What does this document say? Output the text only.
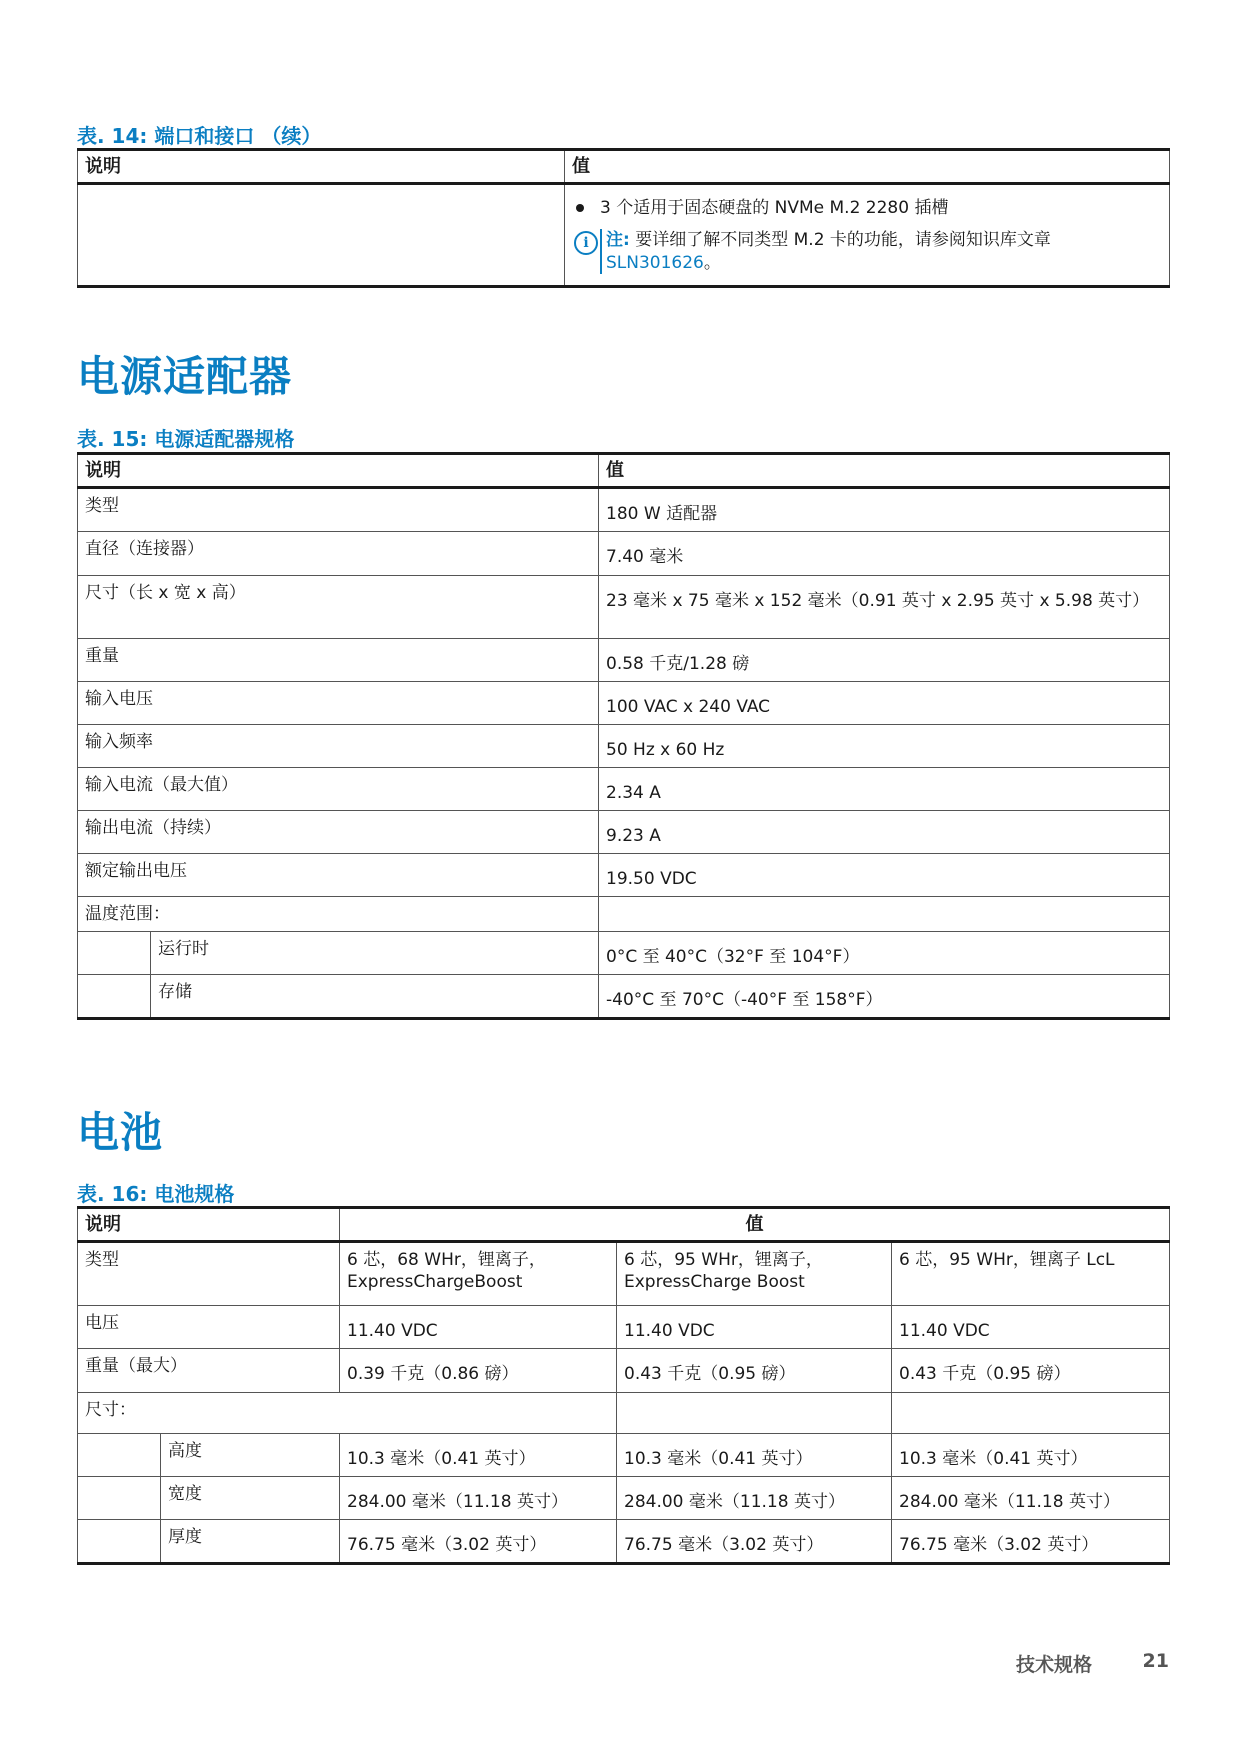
表. 14: 端口和接口 （续）

说明	值

3 个适用于固态硬盘的 NVMe M.2 2280 插槽
i 注: 要详细了解不同类型 M.2 卡的功能，请参阅知识库文章 SLN301626。
电源适配器

表. 15: 电源适配器规格

说明		值
类型		180 W 适配器
直径（连接器）		7.40 毫米
尺寸（长 x 宽 x 高）		23 毫米 x 75 毫米 x 152 毫米（0.91 英寸 x 2.95 英寸 x 5.98 英寸）
重量		0.58 千克/1.28 磅
输入电压		100 VAC x 240 VAC
输入频率		50 Hz x 60 Hz
输入电流（最大值）		2.34 A
输出电流（持续）		9.23 A
额定输出电压		19.50 VDC
温度范围：		
	运行时	0°C 至 40°C（32°F 至 104°F）
	存储	-40°C 至 70°C（-40°F 至 158°F）
电池

表. 16: 电池规格

说明		值		
类型		6 芯，68 WHr，锂离子，ExpressChargeBoost	6 芯，95 WHr，锂离子，ExpressCharge Boost	6 芯，95 WHr，锂离子 LcL
电压		11.40 VDC	11.40 VDC	11.40 VDC
重量（最大）		0.39 千克（0.86 磅）	0.43 千克（0.95 磅）	0.43 千克（0.95 磅）
尺寸：				
	高度	10.3 毫米（0.41 英寸）	10.3 毫米（0.41 英寸）	10.3 毫米（0.41 英寸）
	宽度	284.00 毫米（11.18 英寸）	284.00 毫米（11.18 英寸）	284.00 毫米（11.18 英寸）
	厚度	76.75 毫米（3.02 英寸）	76.75 毫米（3.02 英寸）	76.75 毫米（3.02 英寸）
技术规格	21
